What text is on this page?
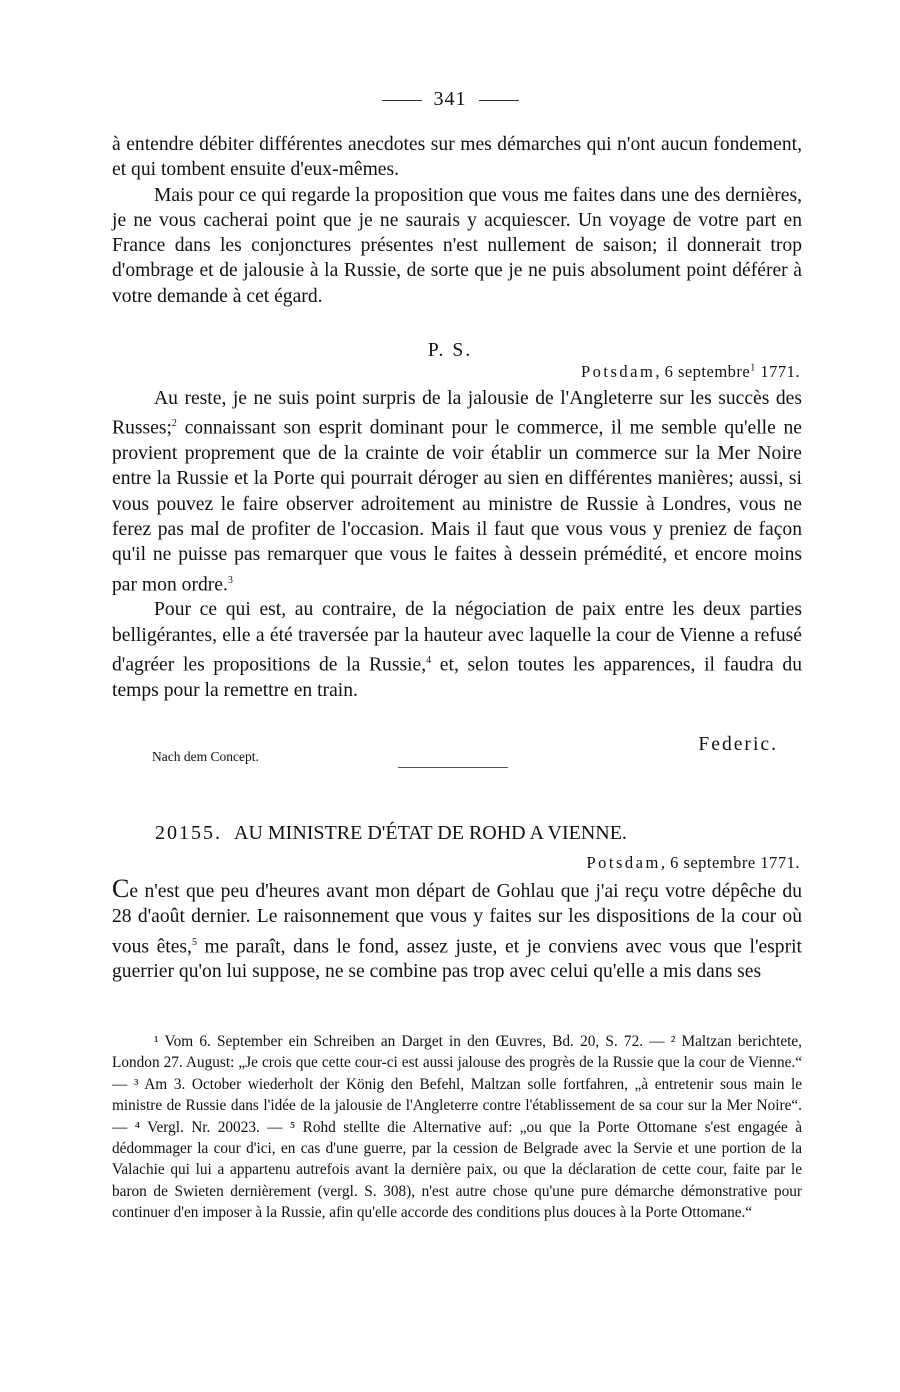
341

à entendre débiter différentes anecdotes sur mes démarches qui n'ont aucun fondement, et qui tombent ensuite d'eux-mêmes.

Mais pour ce qui regarde la proposition que vous me faites dans une des dernières, je ne vous cacherai point que je ne saurais y acquiescer. Un voyage de votre part en France dans les conjonctures présentes n'est nullement de saison; il donnerait trop d'ombrage et de jalousie à la Russie, de sorte que je ne puis absolument point déférer à votre demande à cet égard.

P. S.
Potsdam, 6 septembre$^1$ 1771.

Au reste, je ne suis point surpris de la jalousie de l'Angleterre sur les succès des Russes;$^2$ connaissant son esprit dominant pour le commerce, il me semble qu'elle ne provient proprement que de la crainte de voir établir un commerce sur la Mer Noire entre la Russie et la Porte qui pourrait déroger au sien en différentes manières; aussi, si vous pouvez le faire observer adroitement au ministre de Russie à Londres, vous ne ferez pas mal de profiter de l'occasion. Mais il faut que vous vous y preniez de façon qu'il ne puisse pas remarquer que vous le faites à dessein prémédité, et encore moins par mon ordre.$^3$

Pour ce qui est, au contraire, de la négociation de paix entre les deux parties belligérantes, elle a été traversée par la hauteur avec laquelle la cour de Vienne a refusé d'agréer les propositions de la Russie,$^4$ et, selon toutes les apparences, il faudra du temps pour la remettre en train.

Federic.
Nach dem Concept.
20155. AU MINISTRE D'ÉTAT DE ROHD A VIENNE.
Potsdam, 6 septembre 1771.

Ce n'est que peu d'heures avant mon départ de Gohlau que j'ai reçu votre dépêche du 28 d'août dernier. Le raisonnement que vous y faites sur les dispositions de la cour où vous êtes,$^5$ me paraît, dans le fond, assez juste, et je conviens avec vous que l'esprit guerrier qu'on lui suppose, ne se combine pas trop avec celui qu'elle a mis dans ses

¹ Vom 6. September ein Schreiben an Darget in den Œuvres, Bd. 20, S. 72. — ² Maltzan berichtete, London 27. August: „Je crois que cette cour-ci est aussi jalouse des progrès de la Russie que la cour de Vienne.“ — ³ Am 3. October wiederholt der König den Befehl, Maltzan solle fortfahren, „à entretenir sous main le ministre de Russie dans l'idée de la jalousie de l'Angleterre contre l'établissement de sa cour sur la Mer Noire“. — ⁴ Vergl. Nr. 20023. — ⁵ Rohd stellte die Alternative auf: „ou que la Porte Ottomane s'est engagée à dédommager la cour d'ici, en cas d'une guerre, par la cession de Belgrade avec la Servie et une portion de la Valachie qui lui a appartenu autrefois avant la dernière paix, ou que la déclaration de cette cour, faite par le baron de Swieten dernièrement (vergl. S. 308), n'est autre chose qu'une pure démarche démonstrative pour continuer d'en imposer à la Russie, afin qu'elle accorde des conditions plus douces à la Porte Ottomane.“
